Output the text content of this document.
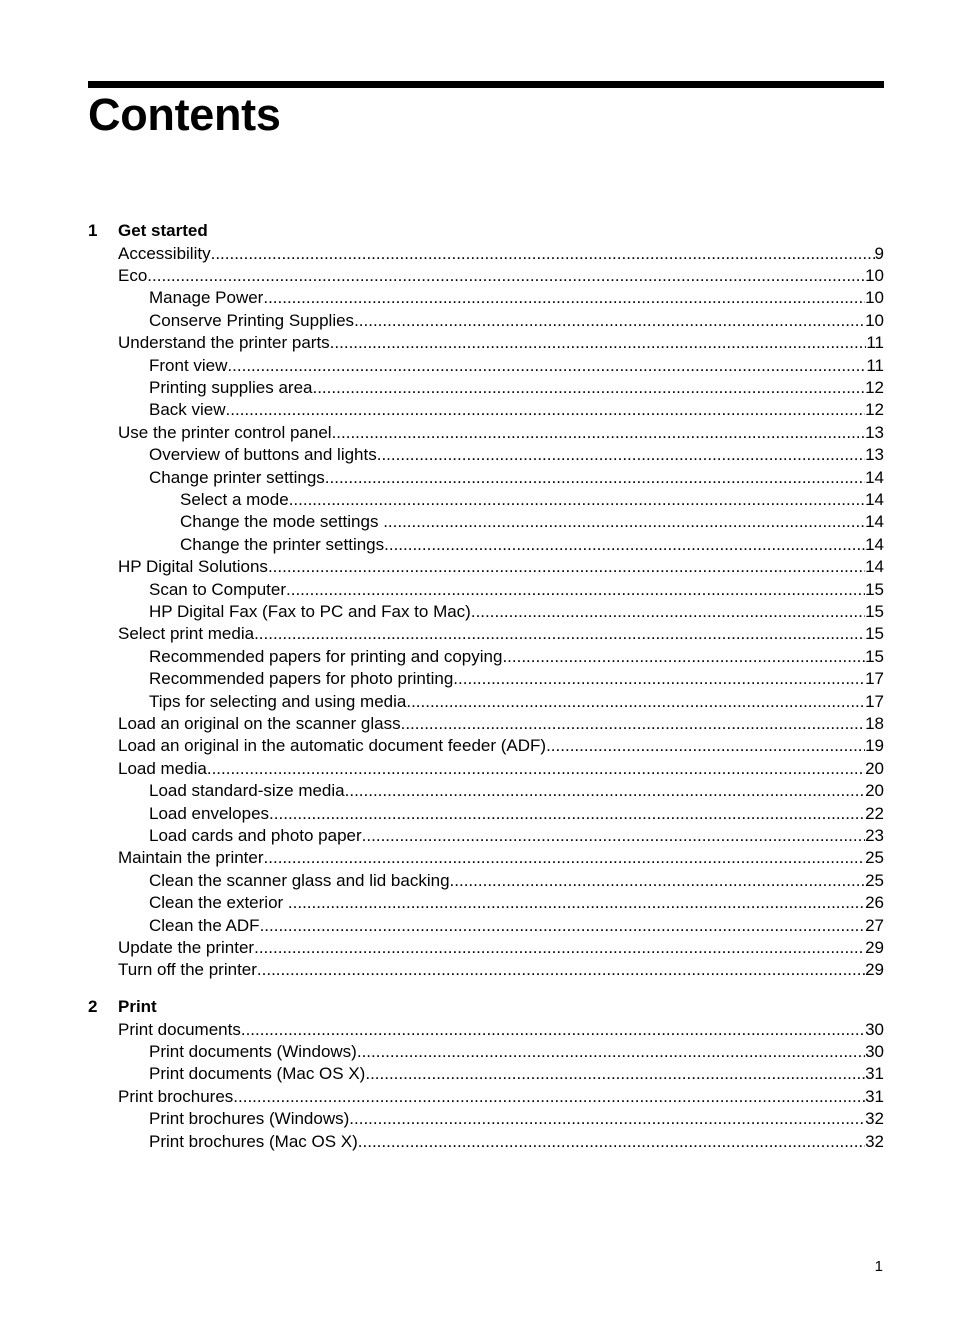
Contents
1 Get started
Accessibility .....	9
Eco .....	10
Manage Power .....	10
Conserve Printing Supplies .....	10
Understand the printer parts .....	11
Front view .....	11
Printing supplies area .....	12
Back view .....	12
Use the printer control panel .....	13
Overview of buttons and lights .....	13
Change printer settings .....	14
Select a mode .....	14
Change the mode settings .....	14
Change the printer settings .....	14
HP Digital Solutions .....	14
Scan to Computer .....	15
HP Digital Fax (Fax to PC and Fax to Mac) .....	15
Select print media .....	15
Recommended papers for printing and copying .....	15
Recommended papers for photo printing .....	17
Tips for selecting and using media .....	17
Load an original on the scanner glass .....	18
Load an original in the automatic document feeder (ADF) .....	19
Load media .....	20
Load standard-size media .....	20
Load envelopes .....	22
Load cards and photo paper .....	23
Maintain the printer .....	25
Clean the scanner glass and lid backing .....	25
Clean the exterior .....	26
Clean the ADF .....	27
Update the printer .....	29
Turn off the printer .....	29
2 Print
Print documents .....	30
Print documents (Windows) .....	30
Print documents (Mac OS X) .....	31
Print brochures .....	31
Print brochures (Windows) .....	32
Print brochures (Mac OS X) .....	32
1
